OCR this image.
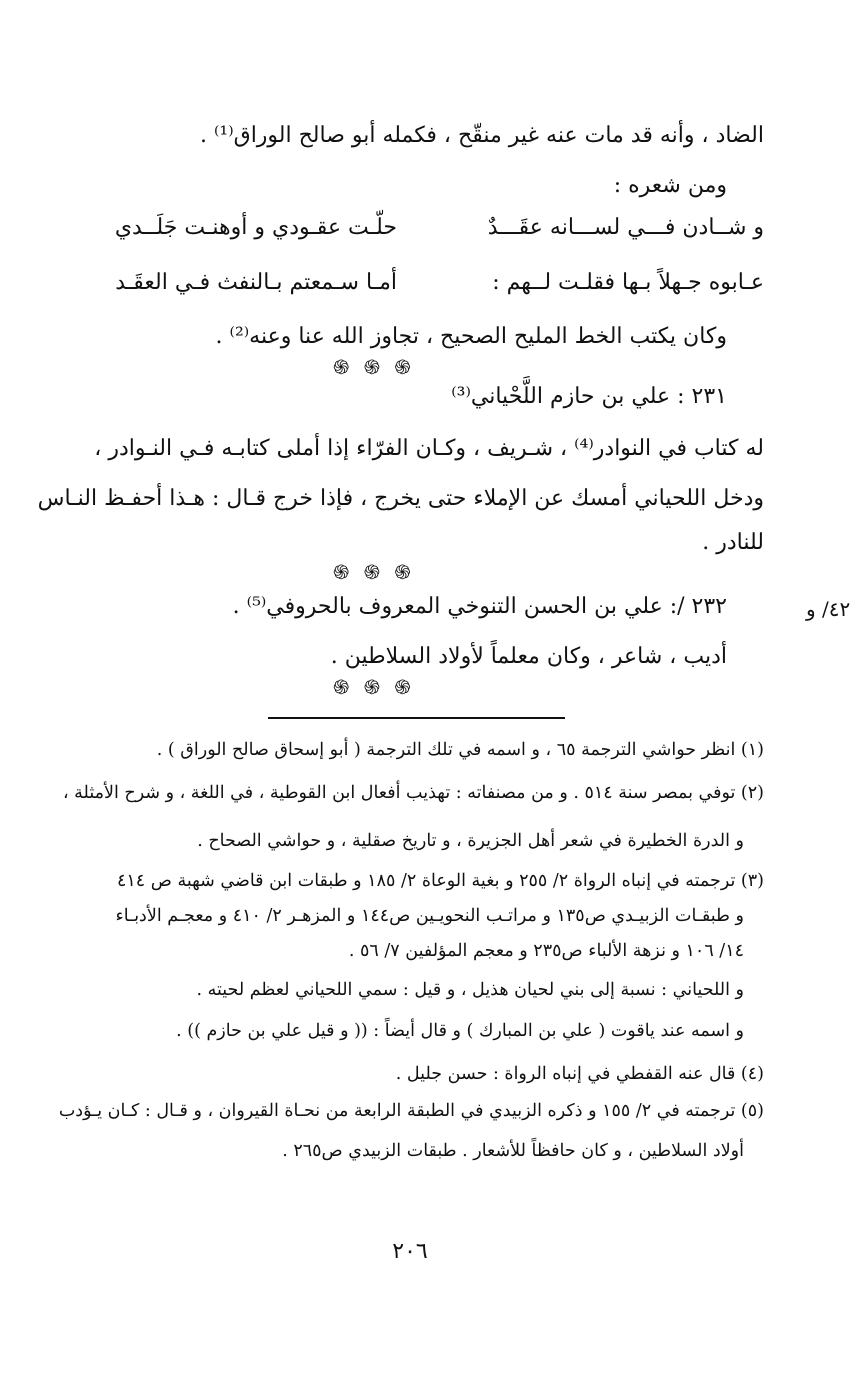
الضاد ، وأنه قد مات عنه غير منقّح ، فكمله أبو صالح الوراق⁽¹⁾ .
ومن شعره :
و شــادن فـــي لســـانه عقَـــدٌ
حلّـت عقـودي و أوهنـت جَلَــدي
عـابوه جـهلاً بـها فقلـت لــهم :
أمـا سـمعتم بـالنفث فـي العقَـد
وكان يكتب الخط المليح الصحيح ، تجاوز الله عنا وعنه⁽²⁾ .
֍ ֍ ֍
٢٣١ : علي بن حازم اللَّحْياني⁽³⁾
له كتاب في النوادر⁽⁴⁾ ، شـريف ، وكـان الفرّاء إذا أملى كتابـه فـي النـوادر ،
ودخل اللحياني أمسك عن الإملاء حتى يخرج ، فإذا خرج قـال : هـذا أحفـظ النـاس
للنادر .
֍ ֍ ֍
٢٣٢ /: علي بن الحسن التنوخي المعروف بالحروفي⁽⁵⁾ .	٤٢/ و
أديب ، شاعر ، وكان معلماً لأولاد السلاطين .
֍ ֍ ֍
(١) انظر حواشي الترجمة ٦٥ ، و اسمه في تلك الترجمة ( أبو إسحاق صالح الوراق ) .
(٢) توفي بمصر سنة ٥١٤ . و من مصنفاته : تهذيب أفعال ابن القوطية ، في اللغة ، و شرح الأمثلة ،
و الدرة الخطيرة في شعر أهل الجزيرة ، و تاريخ صقلية ، و حواشي الصحاح .
(٣) ترجمته في إنباه الرواة ٢/ ٢٥٥ و بغية الوعاة ٢/ ١٨٥ و طبقات ابن قاضي شهبة ص ٤١٤
و طبقـات الزبيـدي ص١٣٥ و مراتـب النحويـين ص١٤٤ و المزهـر ٢/ ٤١٠ و معجـم الأدبـاء
١٤/ ١٠٦ و نزهة الألباء ص٢٣٥ و معجم المؤلفين ٧/ ٥٦ .
و اللحياني : نسبة إلى بني لحيان هذيل ، و قيل : سمي اللحياني لعظم لحيته .
و اسمه عند ياقوت ( علي بن المبارك ) و قال أيضاً : (( و قيل علي بن حازم )) .
(٤) قال عنه القفطي في إنباه الرواة : حسن جليل .
(٥) ترجمته في ٢/ ١٥٥ و ذكره الزبيدي في الطبقة الرابعة من نحـاة القيروان ، و قـال : كـان يـؤدب
أولاد السلاطين ، و كان حافظاً للأشعار . طبقات الزبيدي ص٢٦٥ .
٢٠٦
